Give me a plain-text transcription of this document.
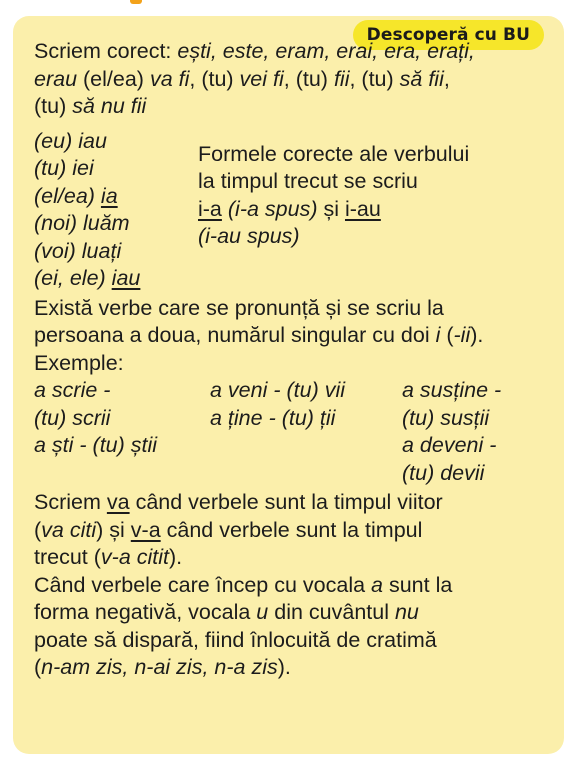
Descoperă cu BU

Scriem corect: ești, este, eram, erai, era, erați,
erau (el/ea) va fi, (tu) vei fi, (tu) fii, (tu) să fii,
(tu) să nu fii

(eu) iau
(tu) iei
(el/ea) ia
(noi) luăm
(voi) luați
(ei, ele) iau
Formele corecte ale verbului
la timpul trecut se scriu
i-a (i-a spus) și i-au
(i-au spus)

Există verbe care se pronunță și se scriu la
persoana a doua, numărul singular cu doi i (-ii).
Exemple:

a scrie -
(tu) scrii
a ști - (tu) știi
a veni - (tu) vii
a ține - (tu) ții
a susține -
(tu) susții
a deveni -
(tu) devii

Scriem va când verbele sunt la timpul viitor
(va citi) și v-a când verbele sunt la timpul
trecut (v-a citit).

Când verbele care încep cu vocala a sunt la
forma negativă, vocala u din cuvântul nu
poate să dispară, fiind înlocuită de cratimă
(n-am zis, n-ai zis, n-a zis).
